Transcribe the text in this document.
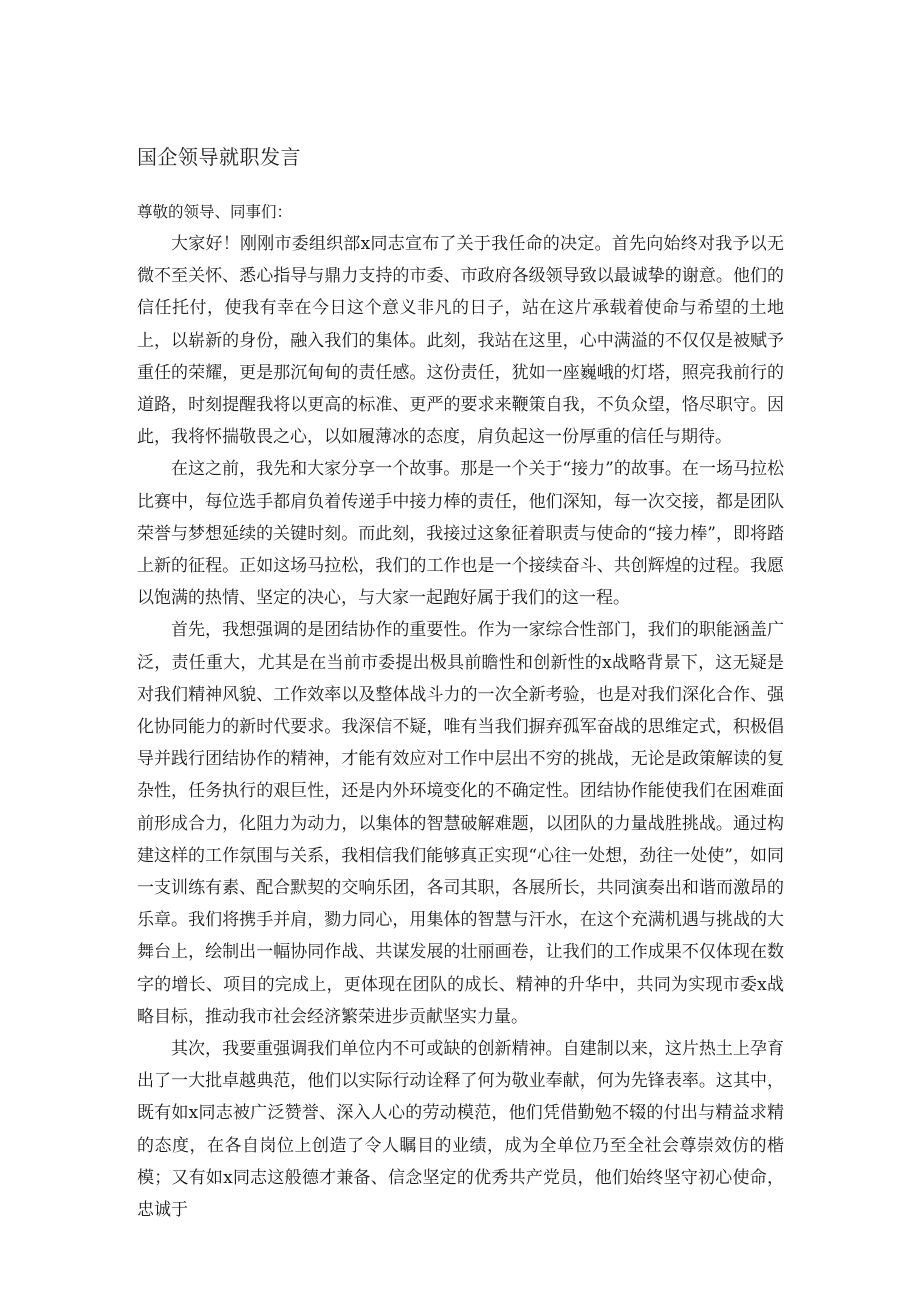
国企领导就职发言

尊敬的领导、同事们：

大家好！刚刚市委组织部x同志宣布了关于我任命的决定。首先向始终对我予以无微不至关怀、悉心指导与鼎力支持的市委、市政府各级领导致以最诚挚的谢意。他们的信任托付，使我有幸在今日这个意义非凡的日子，站在这片承载着使命与希望的土地上，以崭新的身份，融入我们的集体。此刻，我站在这里，心中满溢的不仅仅是被赋予重任的荣耀，更是那沉甸甸的责任感。这份责任，犹如一座巍峨的灯塔，照亮我前行的道路，时刻提醒我将以更高的标准、更严的要求来鞭策自我，不负众望，恪尽职守。因此，我将怀揣敬畏之心，以如履薄冰的态度，肩负起这一份厚重的信任与期待。

在这之前，我先和大家分享一个故事。那是一个关于“接力”的故事。在一场马拉松比赛中，每位选手都肩负着传递手中接力棒的责任，他们深知，每一次交接，都是团队荣誉与梦想延续的关键时刻。而此刻，我接过这象征着职责与使命的“接力棒”，即将踏上新的征程。正如这场马拉松，我们的工作也是一个接续奋斗、共创辉煌的过程。我愿以饱满的热情、坚定的决心，与大家一起跑好属于我们的这一程。

首先，我想强调的是团结协作的重要性。作为一家综合性部门，我们的职能涵盖广泛，责任重大，尤其是在当前市委提出极具前瞻性和创新性的x战略背景下，这无疑是对我们精神风貌、工作效率以及整体战斗力的一次全新考验，也是对我们深化合作、强化协同能力的新时代要求。我深信不疑，唯有当我们摒弃孤军奋战的思维定式，积极倡导并践行团结协作的精神，才能有效应对工作中层出不穷的挑战，无论是政策解读的复杂性，任务执行的艰巨性，还是内外环境变化的不确定性。团结协作能使我们在困难面前形成合力，化阻力为动力，以集体的智慧破解难题，以团队的力量战胜挑战。通过构建这样的工作氛围与关系，我相信我们能够真正实现“心往一处想，劲往一处使”，如同一支训练有素、配合默契的交响乐团，各司其职，各展所长，共同演奏出和谐而激昂的乐章。我们将携手并肩，勠力同心，用集体的智慧与汗水，在这个充满机遇与挑战的大舞台上，绘制出一幅协同作战、共谋发展的壮丽画卷，让我们的工作成果不仅体现在数字的增长、项目的完成上，更体现在团队的成长、精神的升华中，共同为实现市委x战略目标，推动我市社会经济繁荣进步贡献坚实力量。

其次，我要重强调我们单位内不可或缺的创新精神。自建制以来，这片热土上孕育出了一大批卓越典范，他们以实际行动诠释了何为敬业奉献，何为先锋表率。这其中，既有如x同志被广泛赞誉、深入人心的劳动模范，他们凭借勤勉不辍的付出与精益求精的态度，在各自岗位上创造了令人瞩目的业绩，成为全单位乃至全社会尊崇效仿的楷模；又有如x同志这般德才兼备、信念坚定的优秀共产党员，他们始终坚守初心使命，忠诚于
